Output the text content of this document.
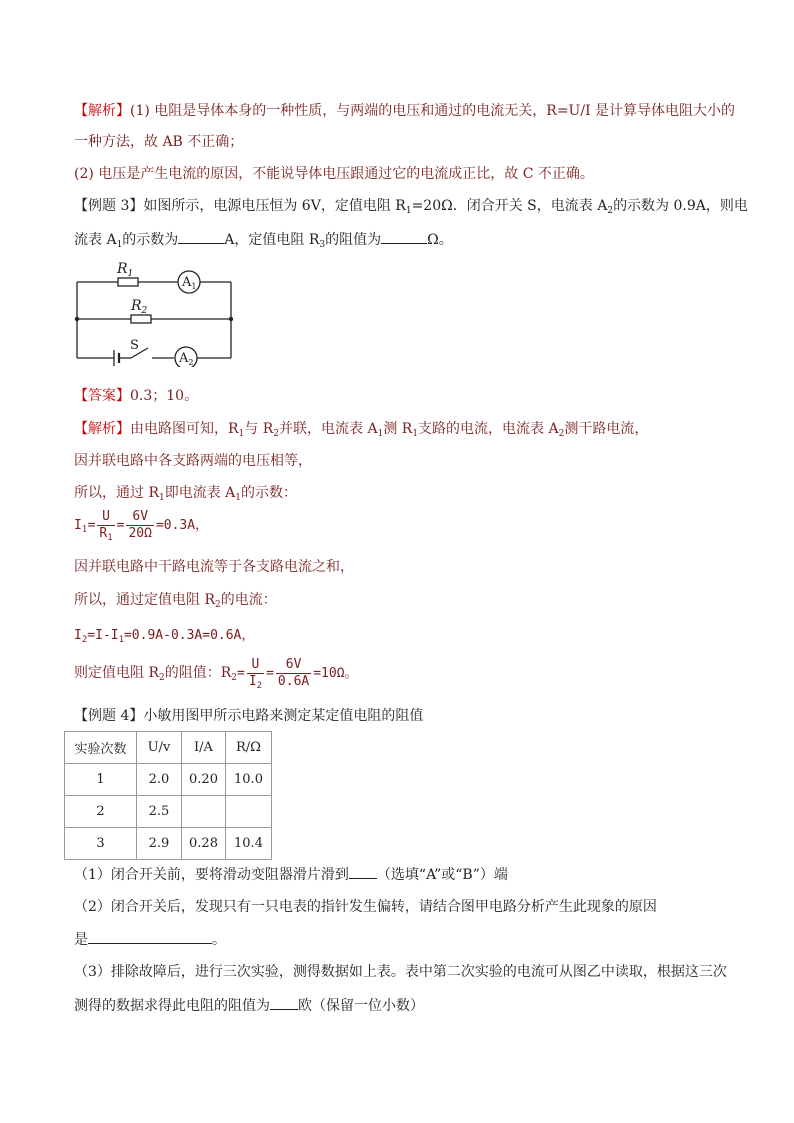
【解析】(1) 电阻是导体本身的一种性质，与两端的电压和通过的电流无关，R=U/I 是计算导体电阻大小的
一种方法，故 AB 不正确；
(2) 电压是产生电流的原因，不能说导体电压跟通过它的电流成正比，故 C 不正确。
【例题 3】如图所示，电源电压恒为 6V，定值电阻 $R_1=20\Omega$．闭合开关 S，电流表 $A_2$的示数为 0.9A，则电
流表 $A_1$的示数为	A，定值电阻 $R_3$的阻值为	Ω。
$R_1$
$R_2$
$A_1$
$A_2$
S
【答案】0.3；10。
【解析】由电路图可知，$R_1$与 $R_2$并联，电流表 $A_1$测 $R_1$支路的电流，电流表 $A_2$测干路电流，
因并联电路中各支路两端的电压相等，
所以，通过 $R_1$即电流表 $A_1$的示数：
$I_1= \frac{U}{R_1} = \frac{6V}{20\Omega} =0.3A$，
因并联电路中干路电流等于各支路电流之和，
所以，通过定值电阻 $R_2$的电流：
$I_2=I-I_1=0.9A-0.3A=0.6A$，
则定值电阻 $R_2$的阻值：$R_2= \frac{U}{I_2} = \frac{6V}{0.6A} =10\Omega$。
【例题 4】小敏用图甲所示电路来测定某定值电阻的阻值
实验次数	U/v	I/A	R/Ω
1	2.0	0.20	10.0
2	2.5		
3	2.9	0.28	10.4
（1）闭合开关前，要将滑动变阻器滑片滑到 （选填“A”或“B”）端
（2）闭合开关后，发现只有一只电表的指针发生偏转，请结合图甲电路分析产生此现象的原因
是	。
（3）排除故障后，进行三次实验，测得数据如上表。表中第二次实验的电流可从图乙中读取，根据这三次
测得的数据求得此电阻的阻值为 欧（保留一位小数）
